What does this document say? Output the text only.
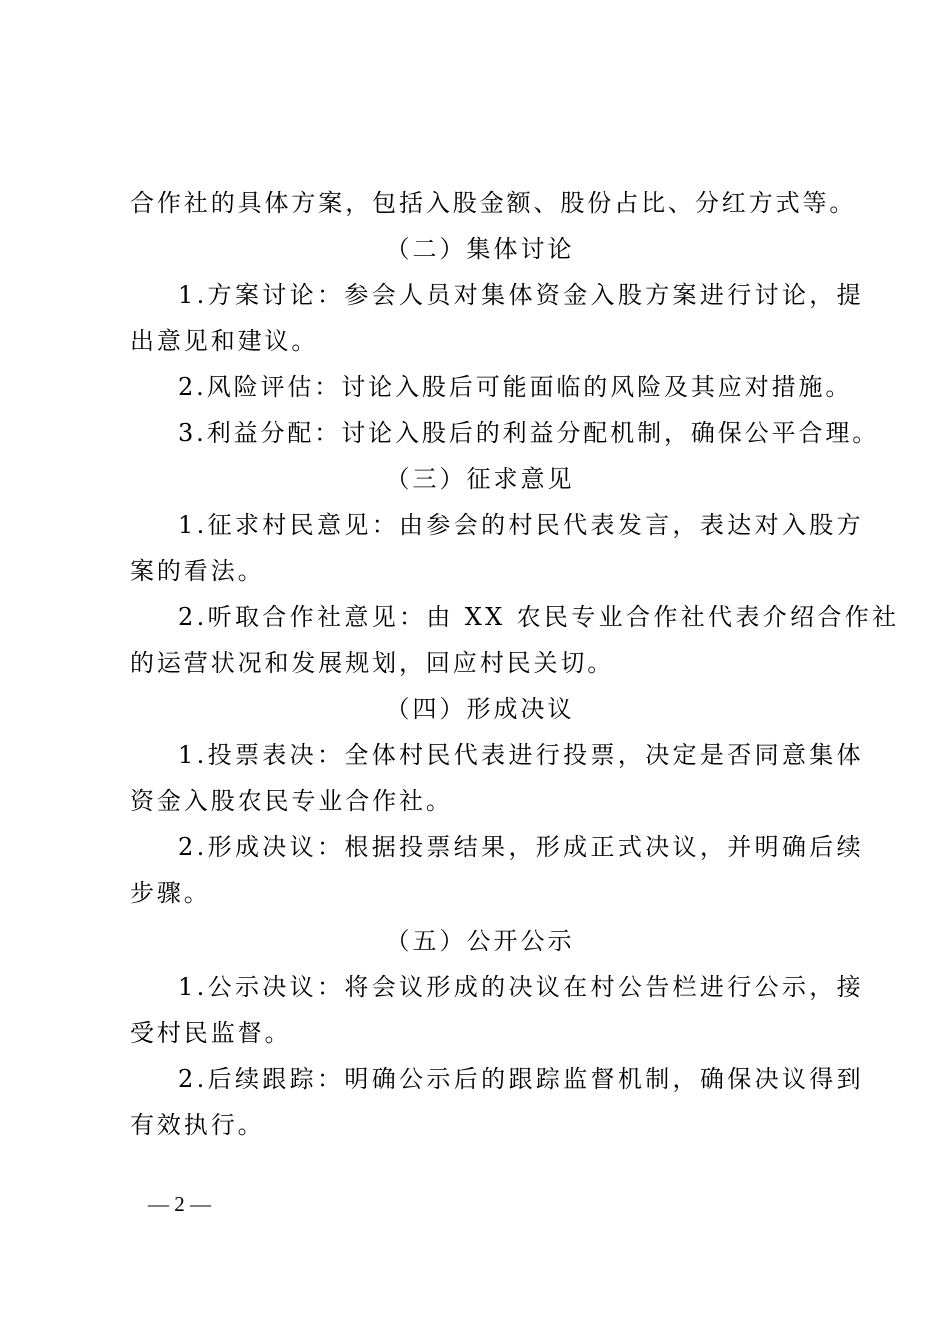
合作社的具体方案，包括入股金额、股份占比、分红方式等。

（二）集体讨论

1.方案讨论：参会人员对集体资金入股方案进行讨论，提

出意见和建议。

2.风险评估：讨论入股后可能面临的风险及其应对措施。

3.利益分配：讨论入股后的利益分配机制，确保公平合理。

（三）征求意见

1.征求村民意见：由参会的村民代表发言，表达对入股方

案的看法。

2.听取合作社意见：由 XX 农民专业合作社代表介绍合作社

的运营状况和发展规划，回应村民关切。

（四）形成决议

1.投票表决：全体村民代表进行投票，决定是否同意集体

资金入股农民专业合作社。

2.形成决议：根据投票结果，形成正式决议，并明确后续

步骤。

（五）公开公示

1.公示决议：将会议形成的决议在村公告栏进行公示，接

受村民监督。

2.后续跟踪：明确公示后的跟踪监督机制，确保决议得到

有效执行。

— 2 —
